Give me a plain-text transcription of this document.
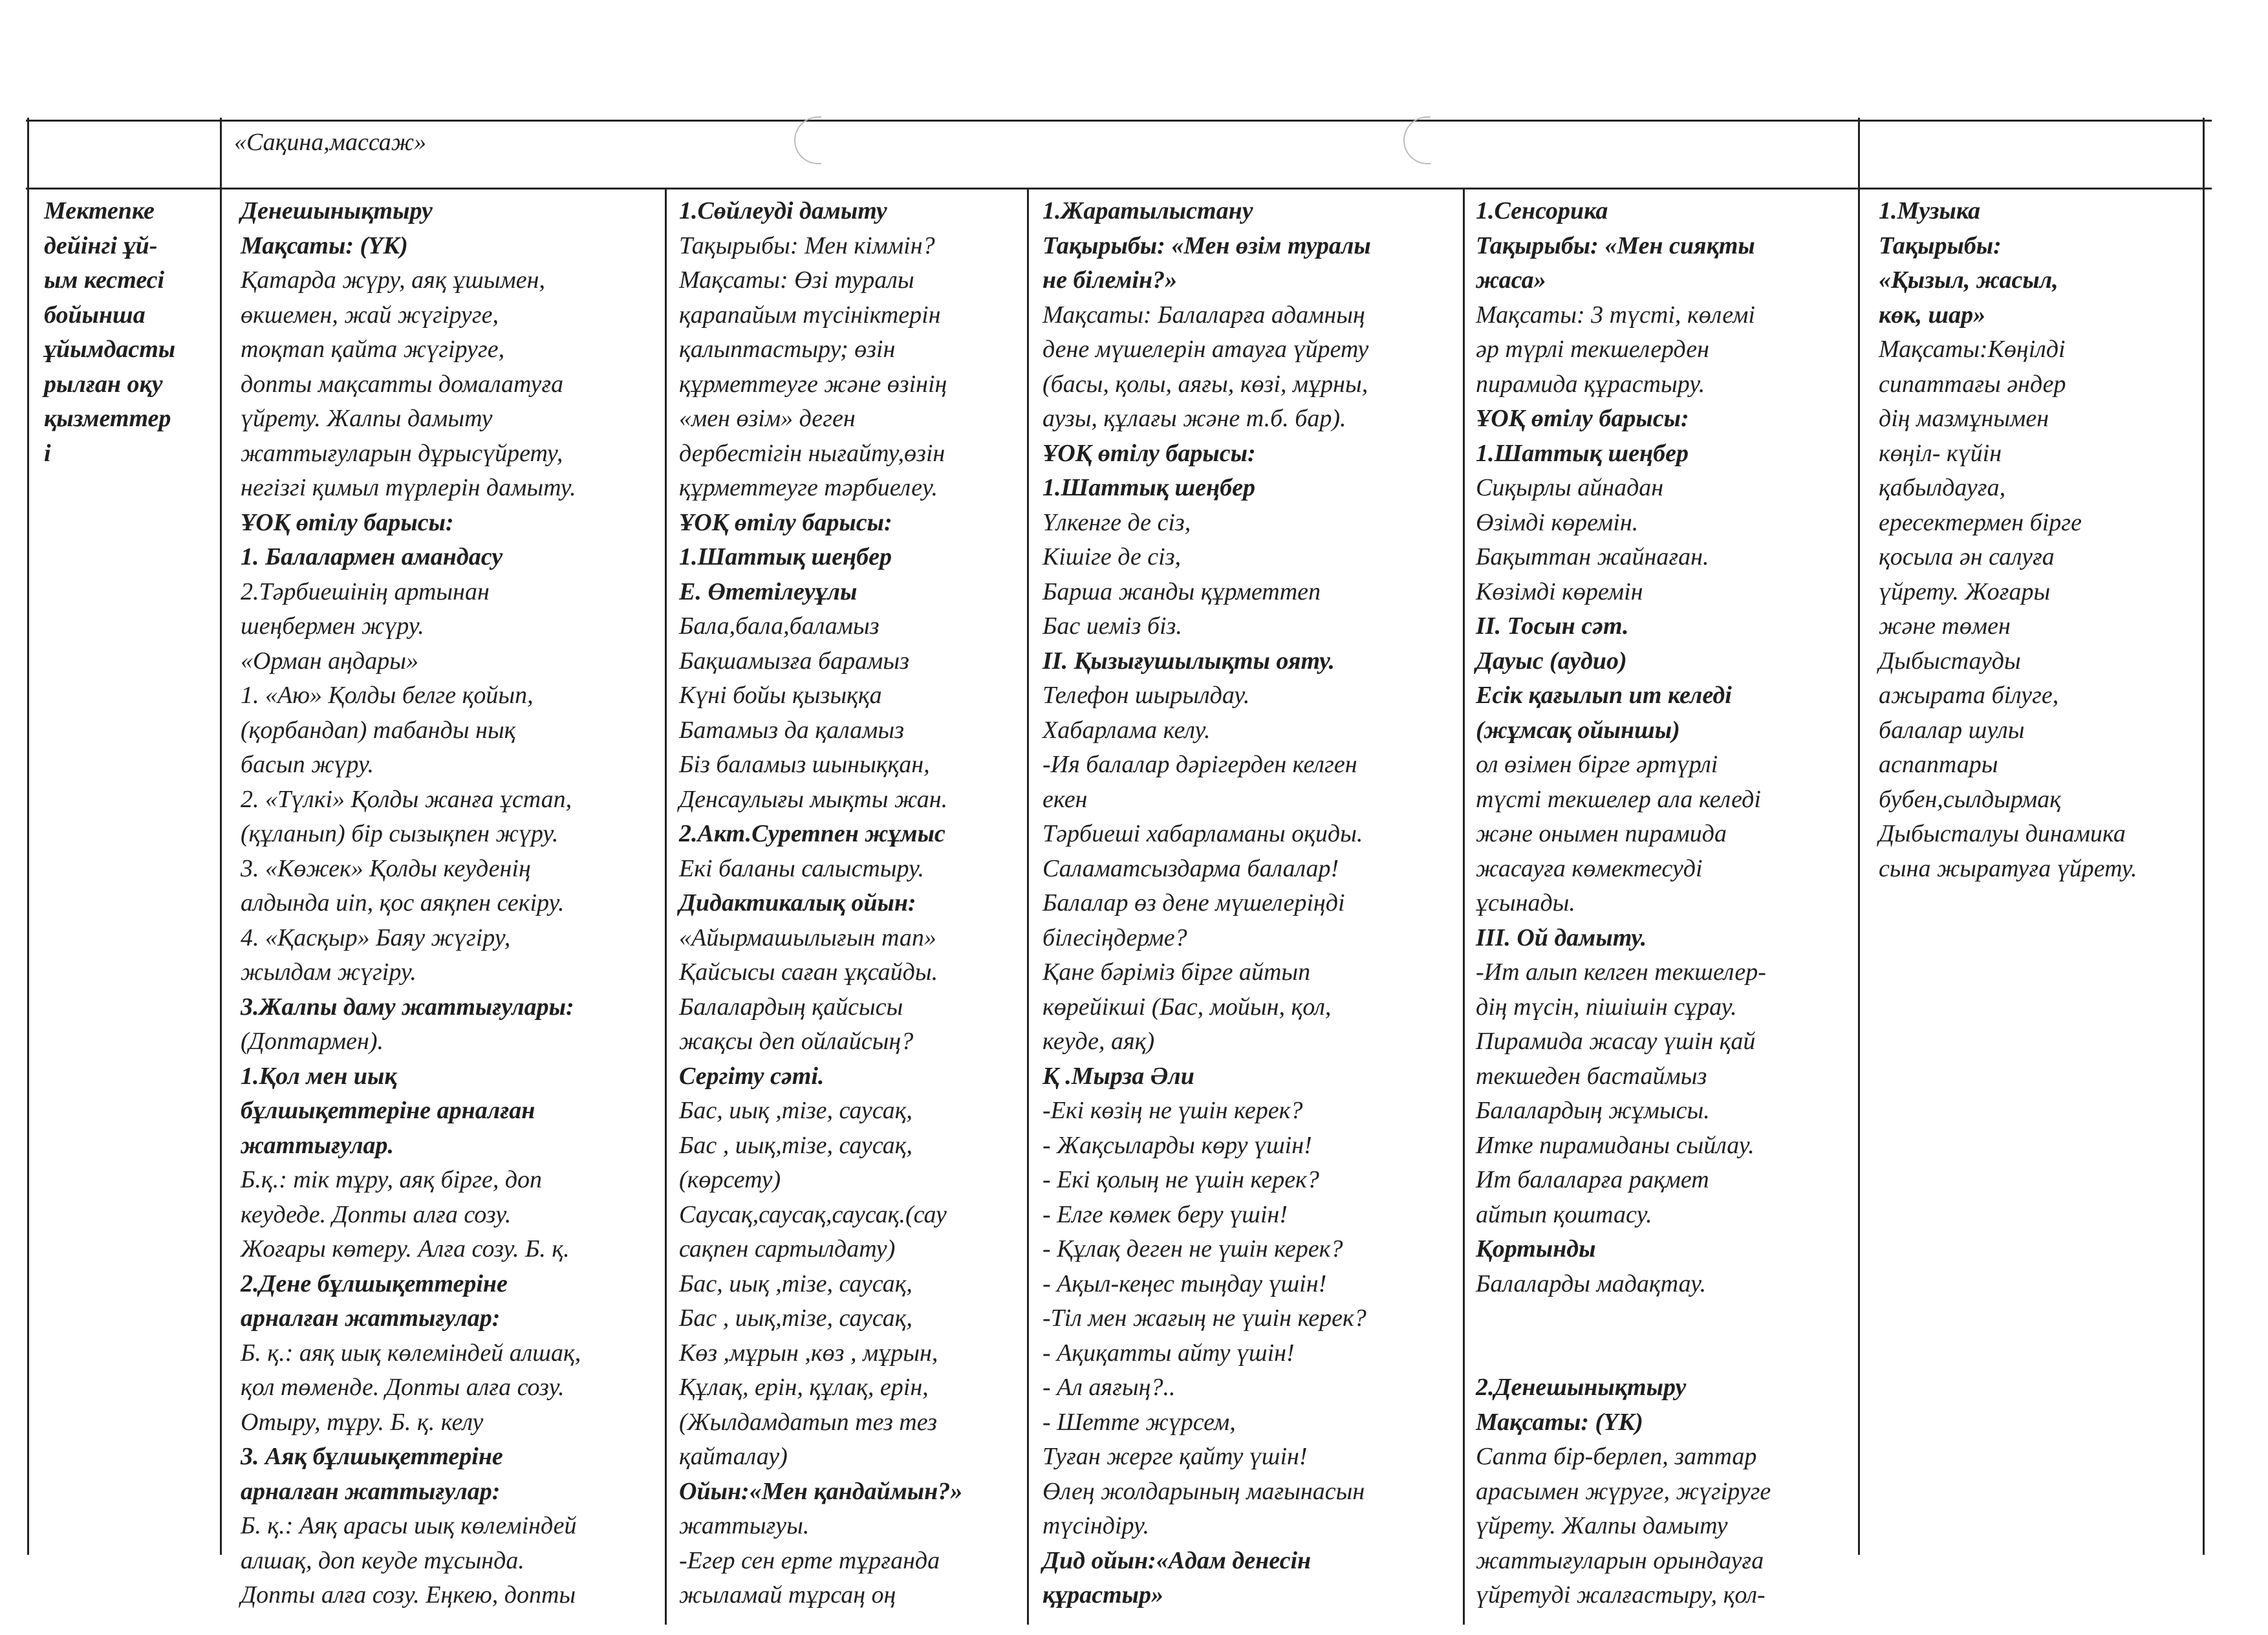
«Сақина,массаж»
Мектепке
дейінгі ұй-
ым кестесі
бойынша
ұйымдасты
рылған оқу
қызметтер
і
Денешынықтыру
Мақсаты: (ҮК)
Қатарда жүру, аяқ ұшымен,
өкшемен, жай жүгіруге,
тоқтап қайта жүгіруге,
допты мақсатты домалатуға
үйрету. Жалпы дамыту
жаттығуларын дұрысүйрету,
негізгі қимыл түрлерін дамыту.
ҰОҚ өтілу барысы:
1. Балалармен амандасу
2.Тәрбиешінің артынан
шеңбермен жүру.
«Орман аңдары»
1. «Аю» Қолды белге қойып,
(қорбандап) табанды нық
басып жүру.
2. «Түлкі» Қолды жанға ұстап,
(құланып) бір сызықпен жүру.
3. «Көжек» Қолды кеуденің
алдында иіп, қос аяқпен секіру.
4. «Қасқыр» Баяу жүгіру,
жылдам жүгіру.
3.Жалпы даму жаттығулары:
(Доптармен).
1.Қол мен иық
бұлшықеттеріне арналған
жаттығулар.
Б.қ.: тік тұру, аяқ бірге, доп
кеудеде. Допты алға созу.
Жоғары көтеру. Алға созу. Б. қ.
2.Дене бұлшықеттеріне
арналған жаттығулар:
Б. қ.: аяқ иық көлеміндей алшақ,
қол төменде. Допты алға созу.
Отыру, тұру. Б. қ. келу
3. Аяқ бұлшықеттеріне
арналған жаттығулар:
Б. қ.: Аяқ арасы иық көлеміндей
алшақ, доп кеуде тұсында.
Допты алға созу. Еңкею, допты
1.Сөйлеуді дамыту
Тақырыбы: Мен кіммін?
Мақсаты: Өзі туралы
қарапайым түсініктерін
қалыптастыру; өзін
құрметтеуге және өзінің
«мен өзім» деген
дербестігін нығайту,өзін
құрметтеуге тәрбиелеу.
ҰОҚ өтілу барысы:
1.Шаттық шеңбер
Е. Өтетілеуұлы
Бала,бала,баламыз
Бақшамызға барамыз
Күні бойы қызыққа
Батамыз да қаламыз
Біз баламыз шыныққан,
Денсаулығы мықты жан.
2.Акт.Суретпен жұмыс
Екі баланы салыстыру.
Дидактикалық ойын:
«Айырмашылығын тап»
Қайсысы саған ұқсайды.
Балалардың қайсысы
жақсы деп ойлайсың?
Сергіту сәті.
Бас, иық ,тізе, саусақ,
Бас , иық,тізе, саусақ,
(көрсету)
Саусақ,саусақ,саусақ.(сау
сақпен сартылдату)
Бас, иық ,тізе, саусақ,
Бас , иық,тізе, саусақ,
Көз ,мұрын ,көз , мұрын,
Құлақ, ерін, құлақ, ерін,
(Жылдамдатып тез тез
қайталау)
Ойын:«Мен қандаймын?»
жаттығуы.
-Егер сен ерте тұрғанда
жыламай тұрсаң оң
1.Жаратылыстану
Тақырыбы: «Мен өзім туралы
не білемін?»
Мақсаты: Балаларға адамның
дене мүшелерін атауға үйрету
(басы, қолы, аяғы, көзі, мұрны,
аузы, құлағы және т.б. бар).
ҰОҚ өтілу барысы:
1.Шаттық шеңбер
Үлкенге де сіз,
Кішіге де сіз,
Барша жанды құрметтеп
Бас иеміз біз.
ІІ. Қызығушылықты ояту.
Телефон шырылдау.
Хабарлама келу.
-Ия балалар дәрігерден келген
екен
Тәрбиеші хабарламаны оқиды.
Саламатсыздарма балалар!
Балалар өз дене мүшелеріңді
білесіңдерме?
Қане бәріміз бірге айтып
көрейікші (Бас, мойын, қол,
кеуде, аяқ)
Қ .Мырза Әли
-Екі көзің не үшін керек?
- Жақсыларды көру үшін!
- Екі қолың не үшін керек?
- Елге көмек беру үшін!
- Құлақ деген не үшін керек?
- Ақыл-кеңес тыңдау үшін!
-Тіл мен жағың не үшін керек?
- Ақиқатты айту үшін!
- Ал аяғың?..
- Шетте жүрсем,
Туған жерге қайту үшін!
Өлең жолдарының мағынасын
түсіндіру.
Дид ойын:«Адам денесін
құрастыр»
1.Сенсорика
Тақырыбы: «Мен сияқты
жаса»
Мақсаты: 3 түсті, көлемі
әр түрлі текшелерден
пирамида құрастыру.
ҰОҚ өтілу барысы:
1.Шаттық шеңбер
Сиқырлы айнадан
Өзімді көремін.
Бақыттан жайнаған.
Көзімді көремін
ІІ. Тосын сәт.
Дауыс (аудио)
Есік қағылып ит келеді
(жұмсақ ойыншы)
ол өзімен бірге әртүрлі
түсті текшелер ала келеді
және онымен пирамида
жасауға көмектесуді
ұсынады.
ІІІ. Ой дамыту.
-Ит алып келген текшелер-
дің түсін, пішішін сұрау.
Пирамида жасау үшін қай
текшеден бастаймыз
Балалардың жұмысы.
Итке пирамиданы сыйлау.
Ит балаларға рақмет
айтып қоштасу.
Қортынды
Балаларды мадақтау.

2.Денешынықтыру
Мақсаты: (ҮК)
Сапта бір-берлеп, заттар
арасымен жүруге, жүгіруге
үйрету. Жалпы дамыту
жаттығуларын орындауға
үйретуді жалғастыру, қол-
1.Музыка
Тақырыбы:
«Қызыл, жасыл,
көк, шар»
Мақсаты:Көңілді
сипаттағы әндер
дің мазмұнымен
көңіл- күйін
қабылдауға,
ересектермен бірге
қосыла ән салуға
үйрету. Жоғары
және төмен
Дыбыстауды
ажырата білуге,
балалар шулы
аспаптары
бубен,сылдырмақ
Дыбысталуы динамика
сына жыратуға үйрету.
